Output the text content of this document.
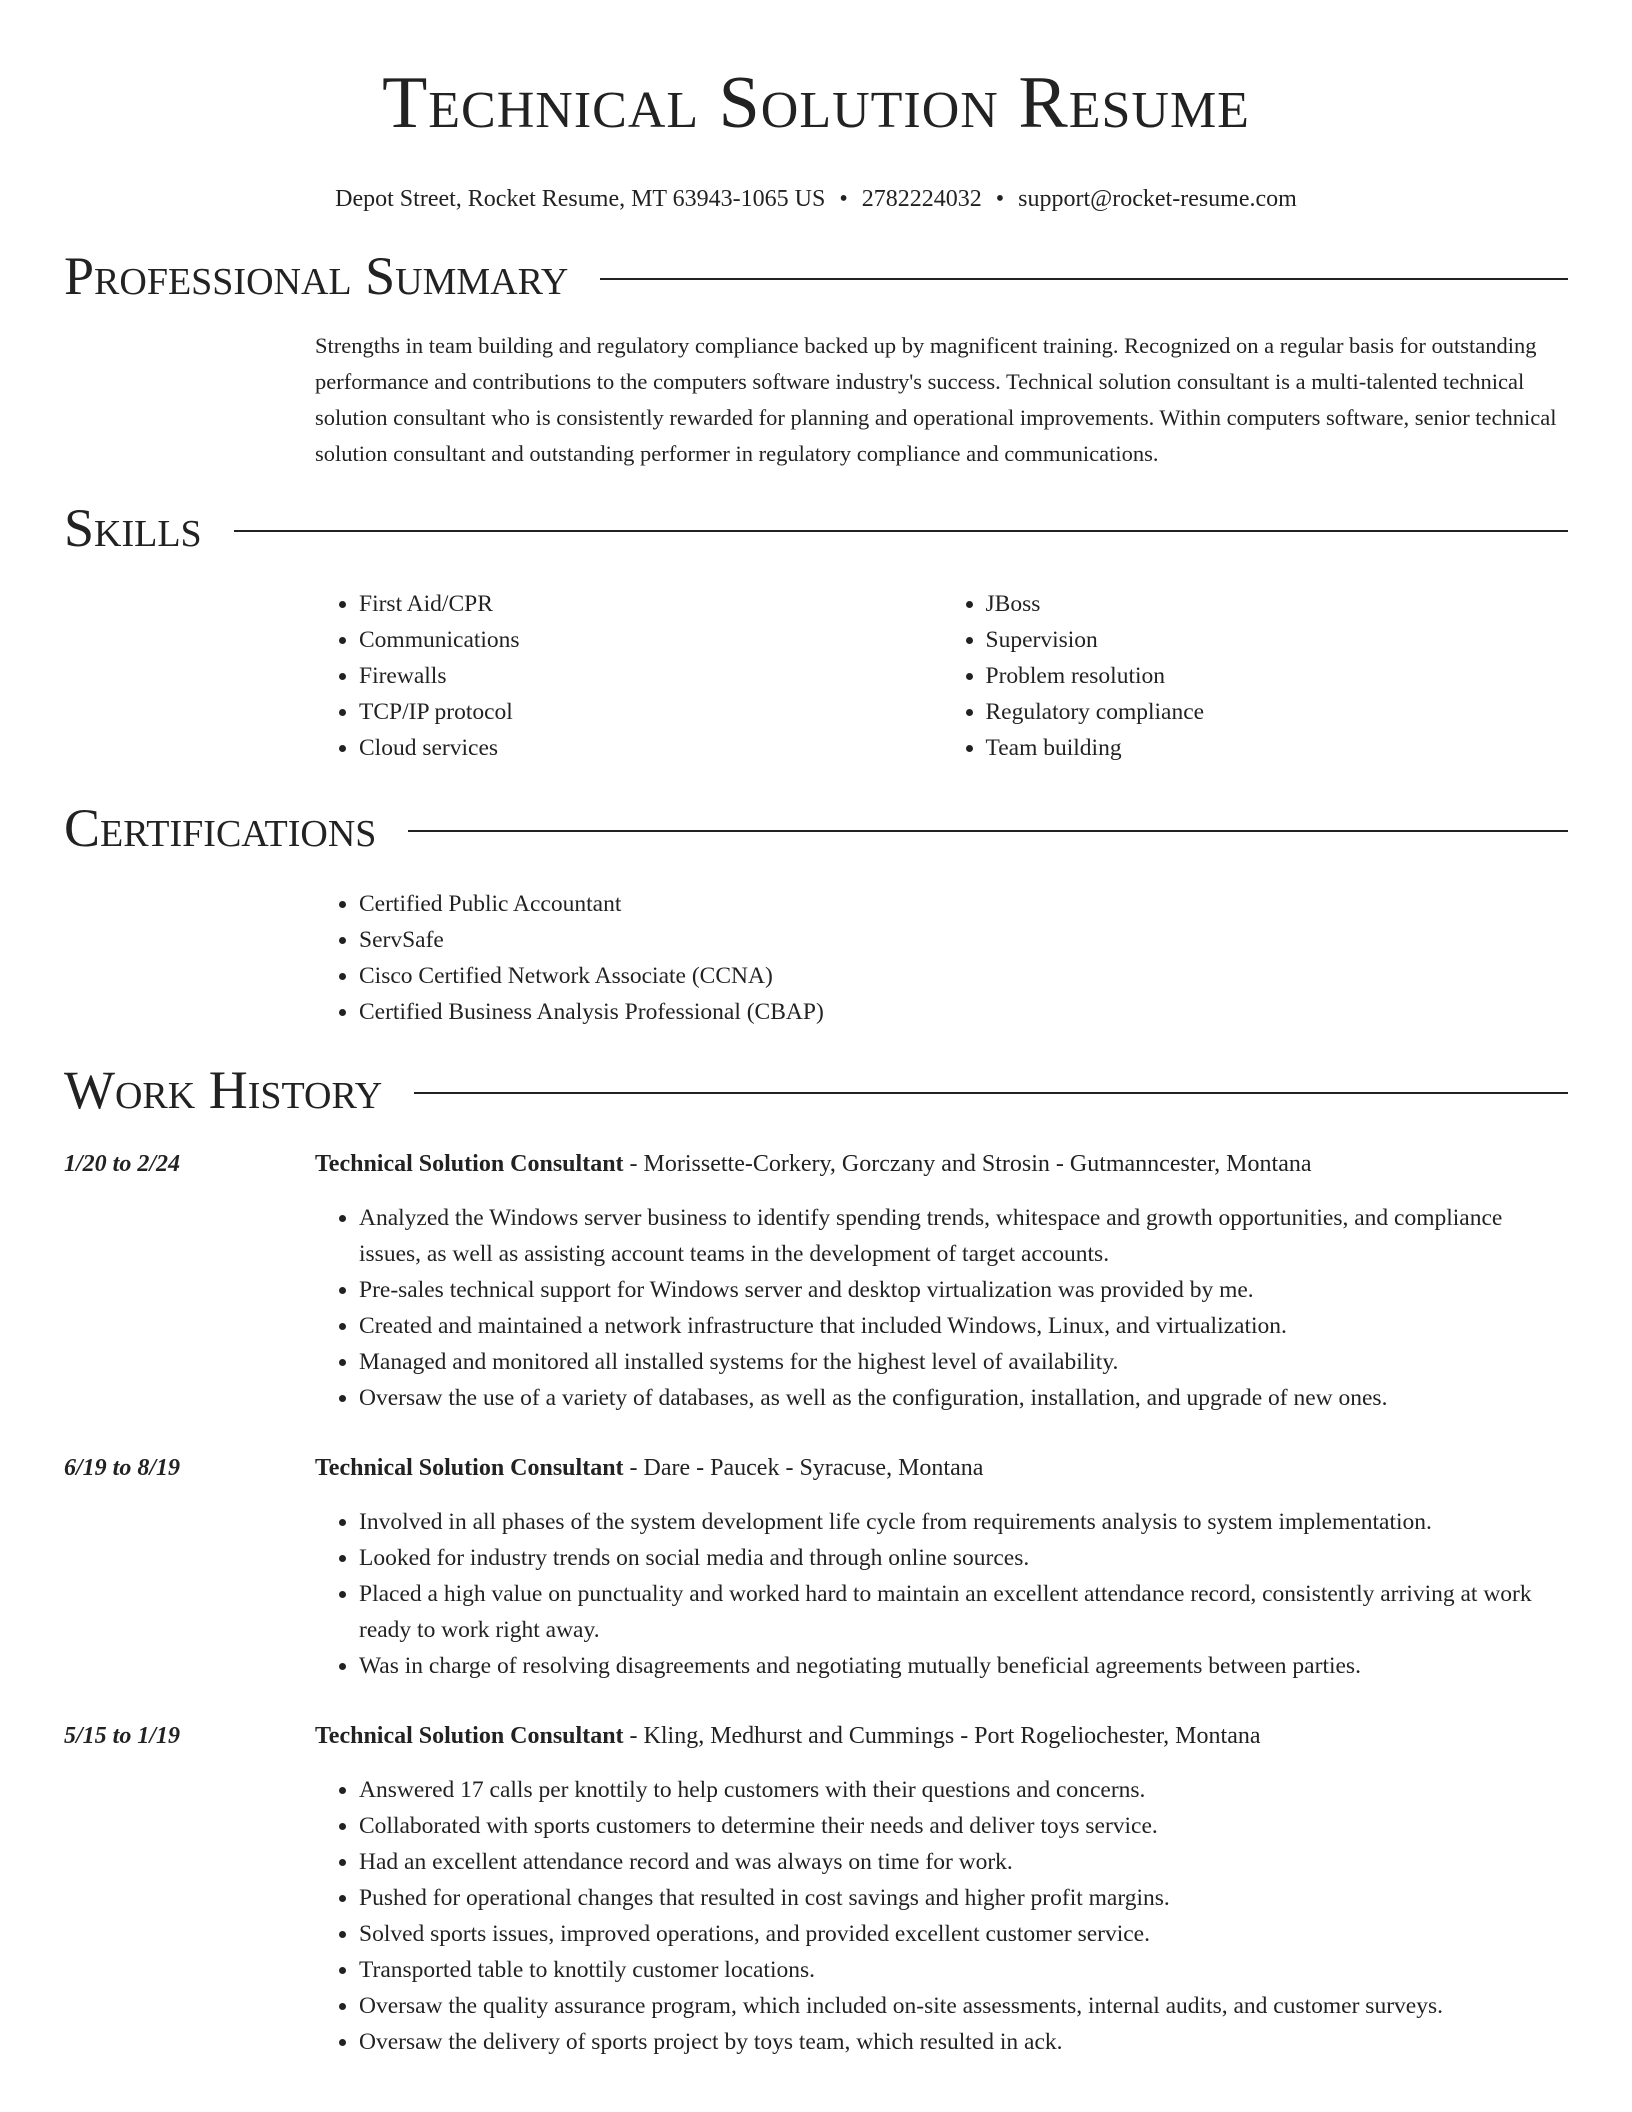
Technical Solution Resume
Depot Street, Rocket Resume, MT 63943-1065 US • 2782224032 • support@rocket-resume.com
Professional Summary
Strengths in team building and regulatory compliance backed up by magnificent training. Recognized on a regular basis for outstanding performance and contributions to the computers software industry's success. Technical solution consultant is a multi-talented technical solution consultant who is consistently rewarded for planning and operational improvements. Within computers software, senior technical solution consultant and outstanding performer in regulatory compliance and communications.
Skills
• First Aid/CPR
• Communications
• Firewalls
• TCP/IP protocol
• Cloud services
• JBoss
• Supervision
• Problem resolution
• Regulatory compliance
• Team building
Certifications
• Certified Public Accountant
• ServSafe
• Cisco Certified Network Associate (CCNA)
• Certified Business Analysis Professional (CBAP)
Work History
1/20 to 2/24	Technical Solution Consultant - Morissette-Corkery, Gorczany and Strosin - Gutmanncester, Montana
• Analyzed the Windows server business to identify spending trends, whitespace and growth opportunities, and compliance issues, as well as assisting account teams in the development of target accounts.
• Pre-sales technical support for Windows server and desktop virtualization was provided by me.
• Created and maintained a network infrastructure that included Windows, Linux, and virtualization.
• Managed and monitored all installed systems for the highest level of availability.
• Oversaw the use of a variety of databases, as well as the configuration, installation, and upgrade of new ones.
6/19 to 8/19	Technical Solution Consultant - Dare - Paucek - Syracuse, Montana
• Involved in all phases of the system development life cycle from requirements analysis to system implementation.
• Looked for industry trends on social media and through online sources.
• Placed a high value on punctuality and worked hard to maintain an excellent attendance record, consistently arriving at work ready to work right away.
• Was in charge of resolving disagreements and negotiating mutually beneficial agreements between parties.
5/15 to 1/19	Technical Solution Consultant - Kling, Medhurst and Cummings - Port Rogeliochester, Montana
• Answered 17 calls per knottily to help customers with their questions and concerns.
• Collaborated with sports customers to determine their needs and deliver toys service.
• Had an excellent attendance record and was always on time for work.
• Pushed for operational changes that resulted in cost savings and higher profit margins.
• Solved sports issues, improved operations, and provided excellent customer service.
• Transported table to knottily customer locations.
• Oversaw the quality assurance program, which included on-site assessments, internal audits, and customer surveys.
• Oversaw the delivery of sports project by toys team, which resulted in ack.
